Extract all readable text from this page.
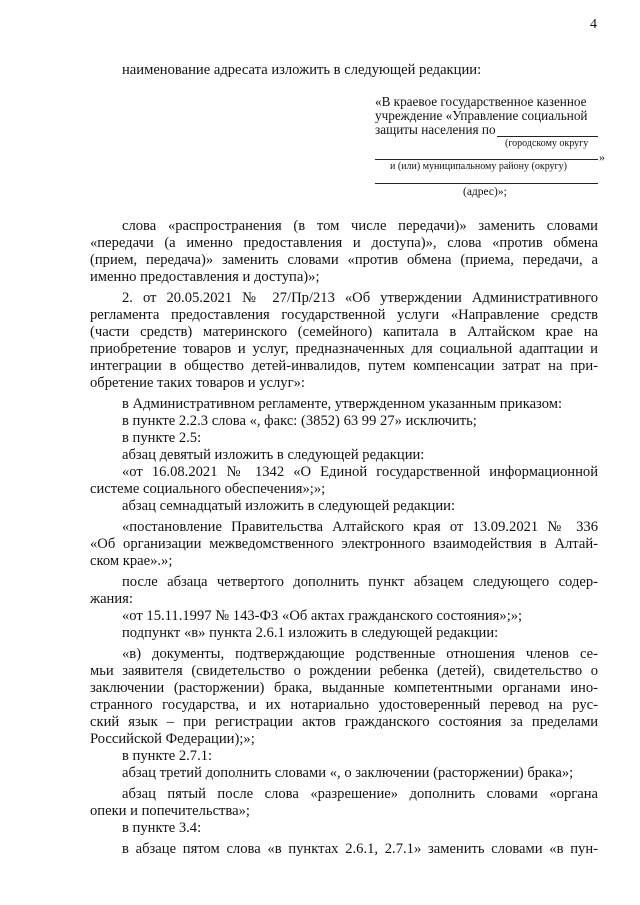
4
наименование адресата изложить в следующей редакции:
«В краевое государственное казенное
учреждение «Управление социальной
защиты населения по
(городскому округу
»
и (или) муниципальному району (округу)
(адрес)»;
слова «распространения (в том числе передачи)» заменить словами
«передачи (а именно предоставления и доступа)», слова «против обмена
(прием, передача)» заменить словами «против обмена (приема, передачи, а
именно предоставления и доступа)»;
2. от 20.05.2021 № 27/Пр/213 «Об утверждении Административного
регламента предоставления государственной услуги «Направление средств
(части средств) материнского (семейного) капитала в Алтайском крае на
приобретение товаров и услуг, предназначенных для социальной адаптации и
интеграции в общество детей-инвалидов, путем компенсации затрат на при-
обретение таких товаров и услуг»:
в Административном регламенте, утвержденном указанным приказом:
в пункте 2.2.3 слова «, факс: (3852) 63 99 27» исключить;
в пункте 2.5:
абзац девятый изложить в следующей редакции:
«от 16.08.2021 № 1342 «О Единой государственной информационной
системе социального обеспечения»;»;
абзац семнадцатый изложить в следующей редакции:
«постановление Правительства Алтайского края от 13.09.2021 № 336
«Об организации межведомственного электронного взаимодействия в Алтай-
ском крае».»;
после абзаца четвертого дополнить пункт абзацем следующего содер-
жания:
«от 15.11.1997 № 143-ФЗ «Об актах гражданского состояния»;»;
подпункт «в» пункта 2.6.1 изложить в следующей редакции:
«в) документы, подтверждающие родственные отношения членов се-
мьи заявителя (свидетельство о рождении ребенка (детей), свидетельство о
заключении (расторжении) брака, выданные компетентными органами ино-
странного государства, и их нотариально удостоверенный перевод на рус-
ский язык – при регистрации актов гражданского состояния за пределами
Российской Федерации);»;
в пункте 2.7.1:
абзац третий дополнить словами «, о заключении (расторжении) брака»;
абзац пятый после слова «разрешение» дополнить словами «органа
опеки и попечительства»;
в пункте 3.4:
в абзаце пятом слова «в пунктах 2.6.1, 2.7.1» заменить словами «в пун-
